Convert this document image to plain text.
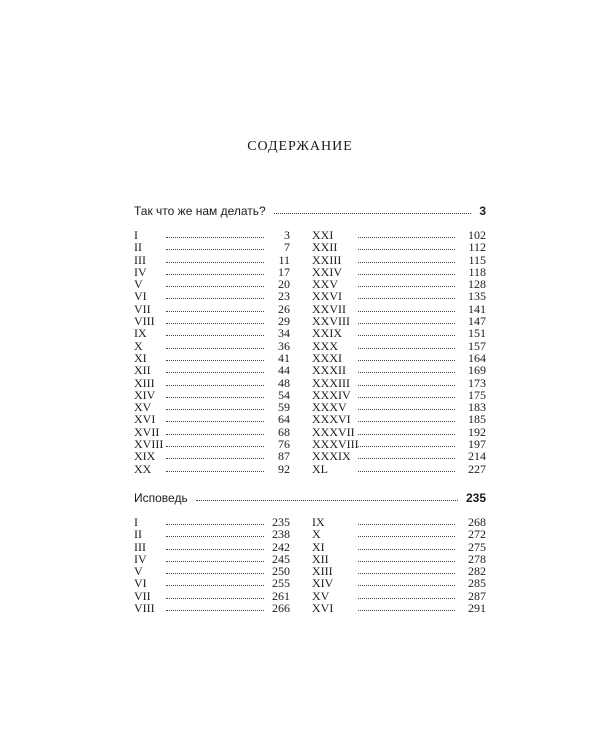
СОДЕРЖАНИЕ
Так что же нам делать?	3
I	3
II	7
III	11
IV	17
V	20
VI	23
VII	26
VIII	29
IX	34
X	36
XI	41
XII	44
XIII	48
XIV	54
XV	59
XVI	64
XVII	68
XVIII	76
XIX	87
XX	92
XXI	102
XXII	112
XXIII	115
XXIV	118
XXV	128
XXVI	135
XXVII	141
XXVIII	147
XXIX	151
XXX	157
XXXI	164
XXXII	169
XXXIII	173
XXXIV	175
XXXV	183
XXXVI	185
XXXVII	192
XXXVIII	197
XXXIX	214
XL	227
Исповедь	235
I	235
II	238
III	242
IV	245
V	250
VI	255
VII	261
VIII	266
IX	268
X	272
XI	275
XII	278
XIII	282
XIV	285
XV	287
XVI	291
